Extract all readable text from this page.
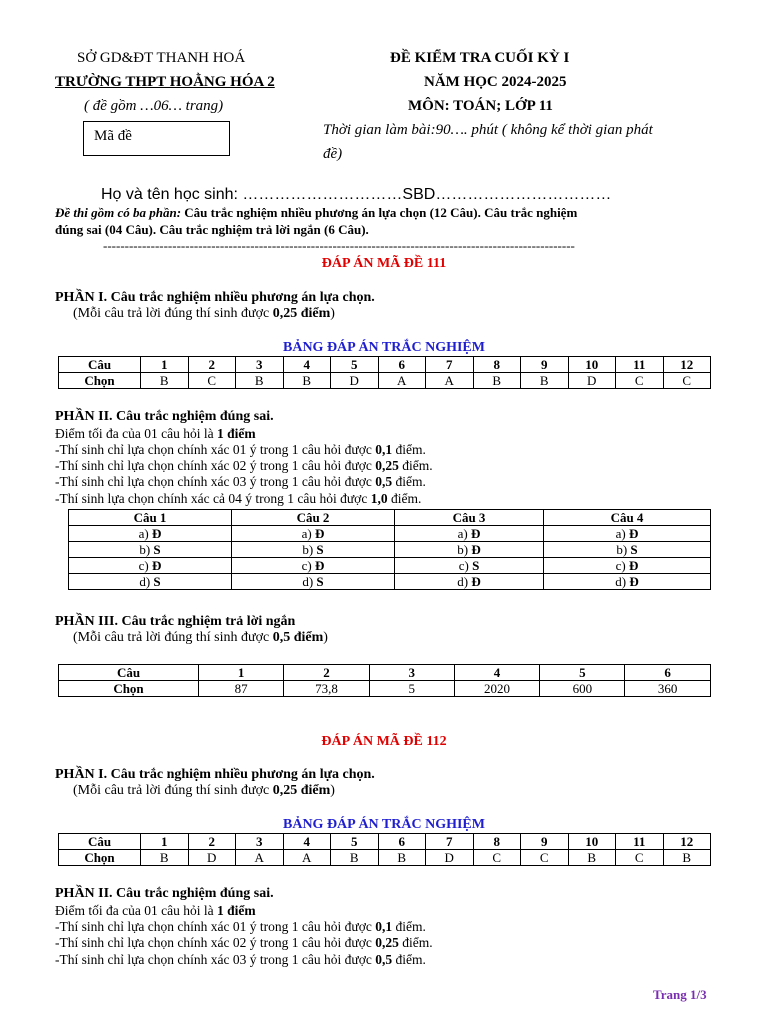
SỞ GD&ĐT THANH HOÁ
TRƯỜNG THPT HOẰNG HÓA 2
( đề gồm …06… trang)
Mã đề
ĐỀ KIỂM TRA CUỐI KỲ I
NĂM HỌC 2024-2025
MÔN: TOÁN; LỚP 11
Thời gian làm bài:90…. phút ( không kể thời gian phát
đề)
Họ và tên học sinh: …………………………SBD……………………………
Đề thi gồm có ba phần: Câu trắc nghiệm nhiều phương án lựa chọn (12 Câu). Câu trắc nghiệm
đúng sai (04 Câu). Câu trắc nghiệm trả lời ngắn (6 Câu).
-------------------------------------------------------------------------------------------------------------
ĐÁP ÁN MÃ ĐỀ 111
PHẦN I. Câu trắc nghiệm nhiều phương án lựa chọn.
(Mỗi câu trả lời đúng thí sinh được 0,25 điểm)
BẢNG ĐÁP ÁN TRẮC NGHIỆM
Câu	1	2	3	4	5	6	7	8	9	10	11	12
Chọn	B	C	B	B	D	A	A	B	B	D	C	C
PHẦN II. Câu trắc nghiệm đúng sai.
Điểm tối đa của 01 câu hỏi là 1 điểm
-Thí sinh chỉ lựa chọn chính xác 01 ý trong 1 câu hỏi được 0,1 điểm.
-Thí sinh chỉ lựa chọn chính xác 02 ý trong 1 câu hỏi được 0,25 điểm.
-Thí sinh chỉ lựa chọn chính xác 03 ý trong 1 câu hỏi được 0,5 điểm.
-Thí sinh lựa chọn chính xác cả 04 ý trong 1 câu hỏi được 1,0 điểm.
Câu 1	Câu 2	Câu 3	Câu 4
a) Đ	a) Đ	a) Đ	a) Đ
b) S	b) S	b) Đ	b) S
c) Đ	c) Đ	c) S	c) Đ
d) S	d) S	d) Đ	d) Đ
PHẦN III. Câu trắc nghiệm trả lời ngắn
(Mỗi câu trả lời đúng thí sinh được 0,5 điểm)
Câu	1	2	3	4	5	6
Chọn	87	73,8	5	2020	600	360
ĐÁP ÁN MÃ ĐỀ 112
PHẦN I. Câu trắc nghiệm nhiều phương án lựa chọn.
(Mỗi câu trả lời đúng thí sinh được 0,25 điểm)
BẢNG ĐÁP ÁN TRẮC NGHIỆM
Câu	1	2	3	4	5	6	7	8	9	10	11	12
Chọn	B	D	A	A	B	B	D	C	C	B	C	B
PHẦN II. Câu trắc nghiệm đúng sai.
Điểm tối đa của 01 câu hỏi là 1 điểm
-Thí sinh chỉ lựa chọn chính xác 01 ý trong 1 câu hỏi được 0,1 điểm.
-Thí sinh chỉ lựa chọn chính xác 02 ý trong 1 câu hỏi được 0,25 điểm.
-Thí sinh chỉ lựa chọn chính xác 03 ý trong 1 câu hỏi được 0,5 điểm.
Trang 1/3
